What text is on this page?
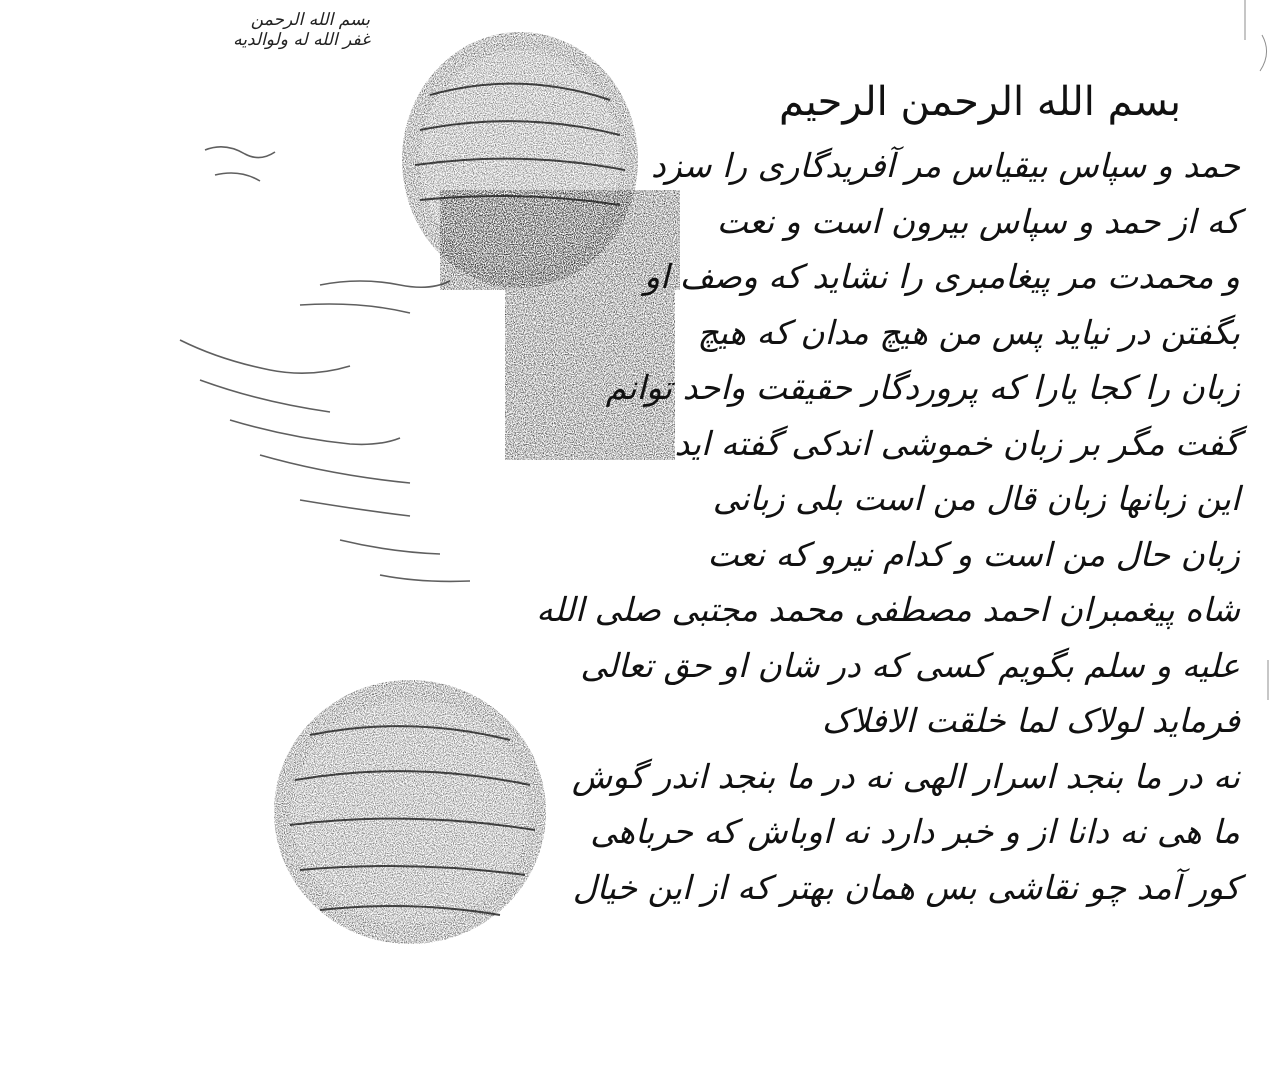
بسم الله الرحمن
غفر الله له ولوالدیه
بسم الله الرحمن الرحیم
حمد و سپاس بیقیاس مر آفریدگاری را سزد
که از حمد و سپاس بیرون است و نعت
و محمدت مر پیغامبری را نشاید که وصف او
بگفتن در نیاید پس من هیچ مدان که هیچ
زبان را کجا یارا که پروردگار حقیقت واحد توانم
گفت مگر بر زبان خموشی اندکی گفته اید
این زبانها زبان قال من است بلی زبانی
زبان حال من است و کدام نیرو که نعت
شاه پیغمبران احمد مصطفی محمد مجتبی صلی الله
علیه و سلم بگویم کسی که در شان او حق تعالی
فرماید لولاک لما خلقت الافلاک
نه در ما بنجد اسرار الهی نه در ما بنجد اندر گوش
ما هی نه دانا از و خبر دارد نه اوباش که حرباهی
کور آمد چو نقاشی بس همان بهتر که از این خیال
